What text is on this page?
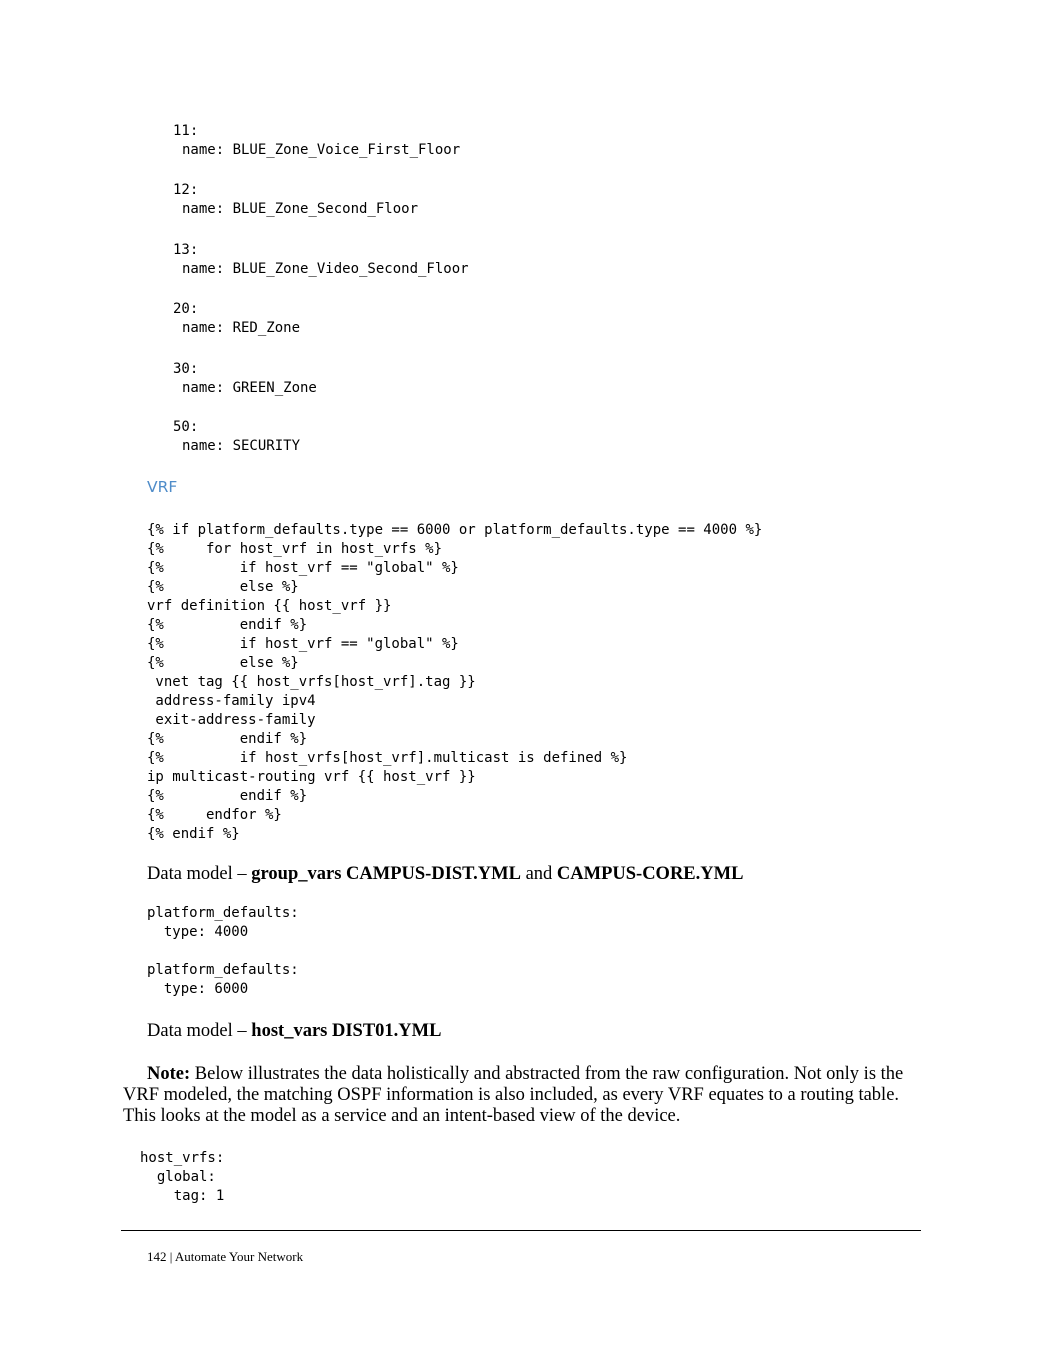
11:

name: BLUE_Zone_Voice_First_Floor

12:

name: BLUE_Zone_Second_Floor

13:

name: BLUE_Zone_Video_Second_Floor

20:

name: RED_Zone

30:

name: GREEN_Zone

50:

name: SECURITY

VRF

{% if platform_defaults.type == 6000 or platform_defaults.type == 4000 %}
{%     for host_vrf in host_vrfs %}
{%         if host_vrf == "global" %}
{%         else %}
vrf definition {{ host_vrf }}
{%         endif %}
{%         if host_vrf == "global" %}
{%         else %}
vnet tag {{ host_vrfs[host_vrf].tag }}
address-family ipv4
exit-address-family
{%         endif %}
{%         if host_vrfs[host_vrf].multicast is defined %}
ip multicast-routing vrf {{ host_vrf }}
{%         endif %}
{%     endfor %}
{% endif %}

Data model – group_vars CAMPUS-DIST.YML and CAMPUS-CORE.YML

platform_defaults:
type: 4000
platform_defaults:
type: 6000

Data model – host_vars DIST01.YML

Note: Below illustrates the data holistically and abstracted from the raw configuration. Not only is the
VRF modeled, the matching OSPF information is also included, as every VRF equates to a routing table.
This looks at the model as a service and an intent-based view of the device.
host_vrfs:
global:
tag: 1

142 | Automate Your Network
